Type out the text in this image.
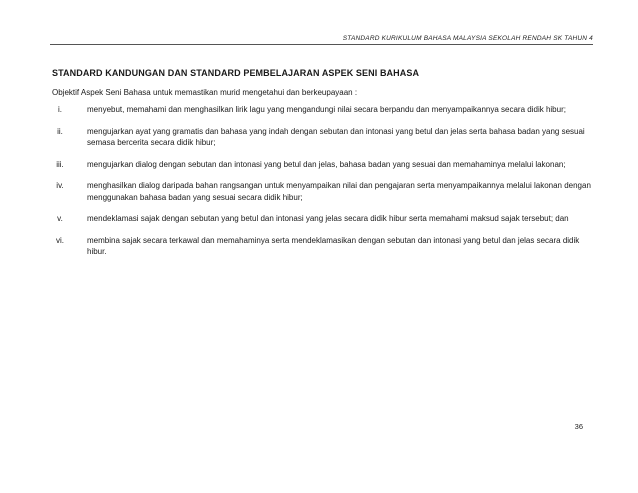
STANDARD KURIKULUM BAHASA MALAYSIA SEKOLAH RENDAH SK TAHUN 4
STANDARD KANDUNGAN DAN STANDARD PEMBELAJARAN ASPEK SENI BAHASA
Objektif Aspek Seni Bahasa untuk memastikan murid mengetahui dan berkeupayaan :
i.	menyebut, memahami dan menghasilkan lirik lagu yang mengandungi nilai secara berpandu dan menyampaikannya secara didik hibur;
ii.	mengujarkan ayat yang gramatis dan bahasa yang indah dengan sebutan dan intonasi yang betul dan jelas serta bahasa badan yang sesuai semasa bercerita secara didik hibur;
iii.	mengujarkan dialog dengan sebutan dan intonasi yang betul dan jelas, bahasa badan yang sesuai dan memahaminya melalui lakonan;
iv.	menghasilkan dialog daripada bahan rangsangan untuk menyampaikan nilai dan pengajaran serta menyampaikannya melalui lakonan dengan menggunakan bahasa badan yang sesuai secara didik hibur;
v.	mendeklamasi sajak dengan sebutan yang betul dan intonasi yang jelas secara didik hibur serta memahami maksud sajak tersebut; dan
vi.	membina sajak secara terkawal dan memahaminya serta mendeklamasikan dengan sebutan dan intonasi yang betul dan jelas secara didik hibur.
36
